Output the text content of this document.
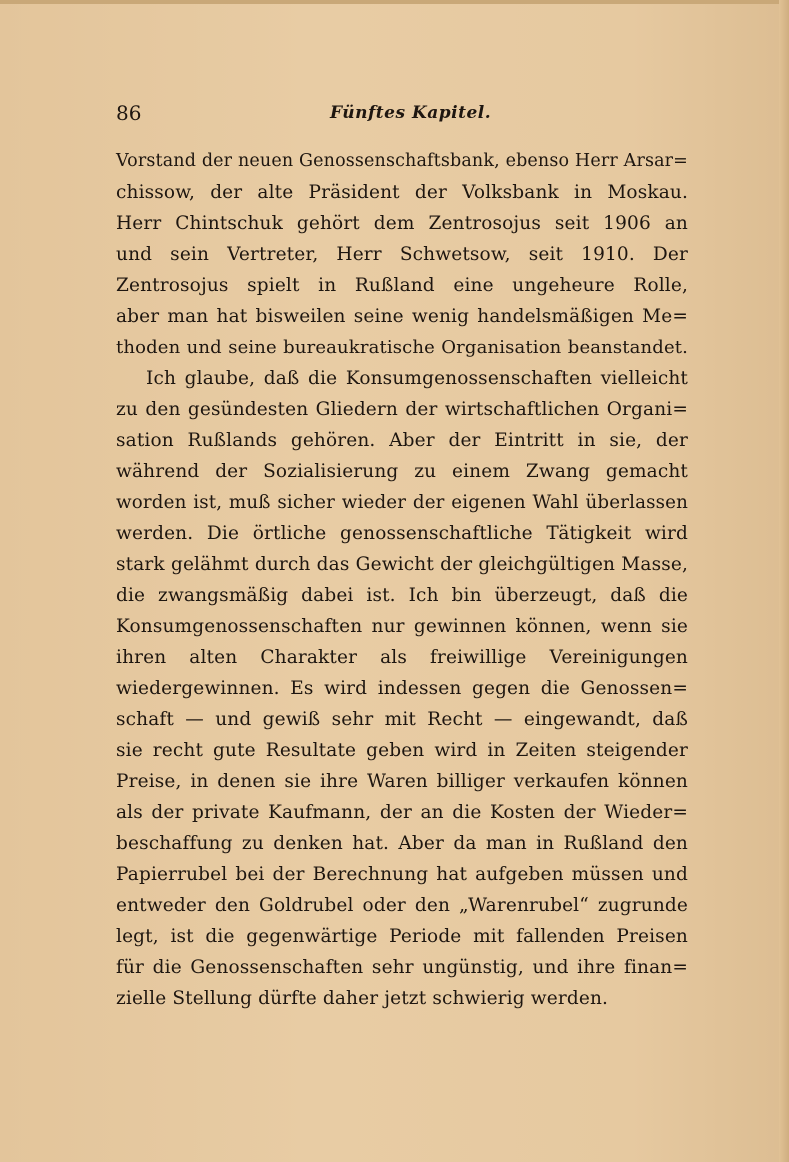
86	Fünftes Kapitel.
Vorstand der neuen Genossenschaftsbank, ebenso Herr Arsar=
chissow, der alte Präsident der Volksbank in Moskau.
Herr Chintschuk gehört dem Zentrosojus seit 1906 an
und sein Vertreter, Herr Schwetsow, seit 1910. Der
Zentrosojus spielt in Rußland eine ungeheure Rolle,
aber man hat bisweilen seine wenig handelsmäßigen Me=
thoden und seine bureaukratische Organisation beanstandet.
Ich glaube, daß die Konsumgenossenschaften vielleicht
zu den gesündesten Gliedern der wirtschaftlichen Organi=
sation Rußlands gehören. Aber der Eintritt in sie, der
während der Sozialisierung zu einem Zwang gemacht
worden ist, muß sicher wieder der eigenen Wahl überlassen
werden. Die örtliche genossenschaftliche Tätigkeit wird
stark gelähmt durch das Gewicht der gleichgültigen Masse,
die zwangsmäßig dabei ist. Ich bin überzeugt, daß die
Konsumgenossenschaften nur gewinnen können, wenn sie
ihren alten Charakter als freiwillige Vereinigungen
wiedergewinnen. Es wird indessen gegen die Genossen=
schaft — und gewiß sehr mit Recht — eingewandt, daß
sie recht gute Resultate geben wird in Zeiten steigender
Preise, in denen sie ihre Waren billiger verkaufen können
als der private Kaufmann, der an die Kosten der Wieder=
beschaffung zu denken hat. Aber da man in Rußland den
Papierrubel bei der Berechnung hat aufgeben müssen und
entweder den Goldrubel oder den „Warenrubel“ zugrunde
legt, ist die gegenwärtige Periode mit fallenden Preisen
für die Genossenschaften sehr ungünstig, und ihre finan=
zielle Stellung dürfte daher jetzt schwierig werden.
